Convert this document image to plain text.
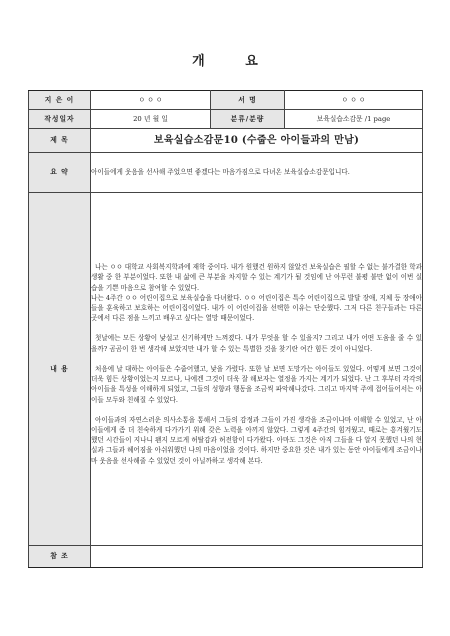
개 요
지 은 이	ㅇ ㅇ ㅇ	서 명	ㅇ ㅇ ㅇ
작성일자	20 년 월 일	분류/분량	보육실습소감문 /1 page
제 목	보육실습소감문10 (수줍은 아이들과의 만남)		
요 약	아이들에게 웃음을 선사해 주었으면 좋겠다는 마음가짐으로 다녀온 보육실습소감문입니다.		
내 용	나는 ㅇㅇ 대학교 사회복지학과에 재학 중이다. 내가 원했건 원하지 않았건 보육실습은 필할 수 없는 불가결한 학과 생활 중 한 부분이었다. 또한 내 삶에 큰 부분을 차지할 수 있는 계기가 될 것임에 난 아무런 불평 불만 없이 이번 실습을 기쁜 마음으로 참여할 수 있었다.
나는 4주간 ㅇㅇ 어린이집으로 보육실습을 다녀왔다. ㅇㅇ 어린이집은 특수 어린이집으로 발달 장애, 지체 등 장애아들을 훈육하고 보호하는 어린이집이었다. 내가 이 어린이집을 선택한 이유는 단순했다. 그저 다른 친구들과는 다른 곳에서 다른 점을 느끼고 배우고 싶다는 열망 때문이었다.

첫날에는 모든 상황이 낯설고 신기하게만 느껴졌다. 내가 무엇을 할 수 있을지? 그리고 내가 어떤 도움을 줄 수 있을까? 곰곰이 한 번 생각해 보았지만 내가 할 수 있는 특별한 것을 찾기란 여간 힘든 것이 아니었다.

처음에 날 대하는 아이들은 수줍어했고, 낯을 가렸다. 또한 날 보면 도망가는 아이들도 있었다. 어떻게 보면 그것이 더욱 힘든 상황이었는지 모르나, 나에겐 그것이 더욱 잘 해보자는 열정을 가지는 계기가 되었다. 난 그 후부터 각각의 아이들을 특성을 이해하게 되었고, 그들의 성향과 행동을 조금씩 파악해나갔다. 그리고 마지막 주에 접어들어서는 아이들 모두와 친해질 수 있었다.

아이들과의 자연스러운 의사소통을 통해서 그들의 감정과 그들이 가진 생각을 조금이나마 이해할 수 있었고, 난 아이들에게 좀 더 친숙하게 다가가기 위해 갖은 노력을 아끼지 않았다. 그렇게 4주간의 힘겨웠고, 때로는 흥겨웠기도 했던 시간들이 지나니 왠지 모르게 허탈감과 허전함이 다가왔다. 아마도 그것은 아직 그들을 다 알지 못했던 나의 현실과 그들과 헤어짐을 아쉬워했던 나의 마음이었을 것이다. 하지만 중요한 것은 내가 있는 동안 아이들에게 조금이나마 웃음을 선사해줄 수 있었던 것이 아닐까하고 생각해 본다.		

참 조			
